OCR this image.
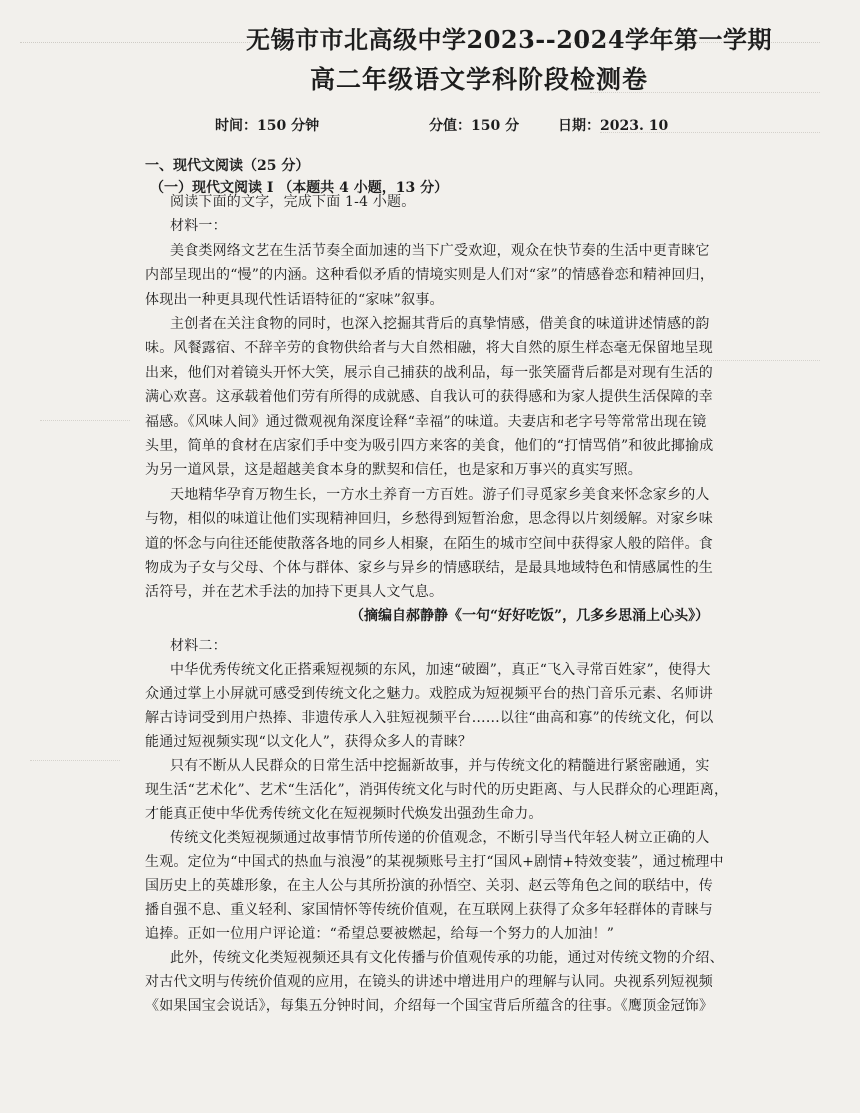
无锡市市北高级中学2023--2024学年第一学期
高二年级语文学科阶段检测卷
时间：150 分钟	分值：150 分	日期：2023. 10
一、现代文阅读（25 分）
（一）现代文阅读 I （本题共 4 小题，13 分）
阅读下面的文字，完成下面 1-4 小题。
材料一：
美食类网络文艺在生活节奏全面加速的当下广受欢迎，观众在快节奏的生活中更青睐它
内部呈现出的“慢”的内涵。这种看似矛盾的情境实则是人们对“家”的情感眷恋和精神回归，
体现出一种更具现代性话语特征的“家味”叙事。
主创者在关注食物的同时，也深入挖掘其背后的真挚情感，借美食的味道讲述情感的韵
味。风餐露宿、不辞辛劳的食物供给者与大自然相融，将大自然的原生样态毫无保留地呈现
出来，他们对着镜头开怀大笑，展示自己捕获的战利品，每一张笑靥背后都是对现有生活的
满心欢喜。这承载着他们劳有所得的成就感、自我认可的获得感和为家人提供生活保障的幸
福感。《风味人间》通过微观视角深度诠释“幸福”的味道。夫妻店和老字号等常常出现在镜
头里，简单的食材在店家们手中变为吸引四方来客的美食，他们的“打情骂俏”和彼此揶揄成
为另一道风景，这是超越美食本身的默契和信任，也是家和万事兴的真实写照。
天地精华孕育万物生长，一方水土养育一方百姓。游子们寻觅家乡美食来怀念家乡的人
与物，相似的味道让他们实现精神回归，乡愁得到短暂治愈，思念得以片刻缓解。对家乡味
道的怀念与向往还能使散落各地的同乡人相聚，在陌生的城市空间中获得家人般的陪伴。食
物成为子女与父母、个体与群体、家乡与异乡的情感联结，是最具地域特色和情感属性的生
活符号，并在艺术手法的加持下更具人文气息。
（摘编自郝静静《一句“好好吃饭”，几多乡思涌上心头》）
材料二：
中华优秀传统文化正搭乘短视频的东风，加速“破圈”，真正“飞入寻常百姓家”，使得大
众通过掌上小屏就可感受到传统文化之魅力。戏腔成为短视频平台的热门音乐元素、名师讲
解古诗词受到用户热捧、非遗传承人入驻短视频平台……以往“曲高和寡”的传统文化，何以
能通过短视频实现“以文化人”，获得众多人的青睐？
只有不断从人民群众的日常生活中挖掘新故事，并与传统文化的精髓进行紧密融通，实
现生活“艺术化”、艺术“生活化”，消弭传统文化与时代的历史距离、与人民群众的心理距离，
才能真正使中华优秀传统文化在短视频时代焕发出强劲生命力。
传统文化类短视频通过故事情节所传递的价值观念，不断引导当代年轻人树立正确的人
生观。定位为“中国式的热血与浪漫”的某视频账号主打“国风+剧情+特效变装”，通过梳理中
国历史上的英雄形象，在主人公与其所扮演的孙悟空、关羽、赵云等角色之间的联结中，传
播自强不息、重义轻利、家国情怀等传统价值观，在互联网上获得了众多年轻群体的青睐与
追捧。正如一位用户评论道：“希望总要被燃起，给每一个努力的人加油！”
此外，传统文化类短视频还具有文化传播与价值观传承的功能，通过对传统文物的介绍、
对古代文明与传统价值观的应用，在镜头的讲述中增进用户的理解与认同。央视系列短视频
《如果国宝会说话》，每集五分钟时间，介绍每一个国宝背后所蕴含的往事。《鹰顶金冠饰》
